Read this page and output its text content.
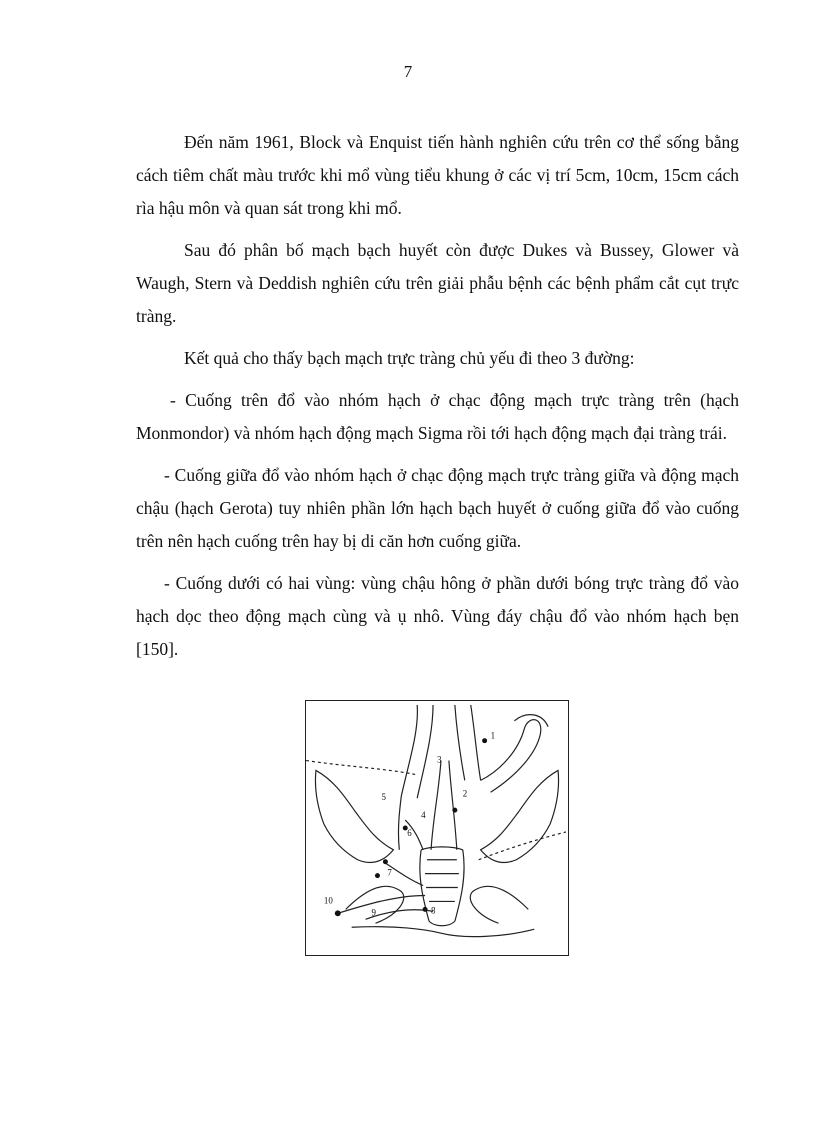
7

Đến năm 1961, Block và Enquist tiến hành nghiên cứu trên cơ thể sống bằng cách tiêm chất màu trước khi mổ vùng tiểu khung ở các vị trí 5cm, 10cm, 15cm cách rìa hậu môn và quan sát trong khi mổ.

Sau đó phân bố mạch bạch huyết còn được Dukes và Bussey, Glower và Waugh, Stern và Deddish nghiên cứu trên giải phẫu bệnh các bệnh phẩm cắt cụt trực tràng.

Kết quả cho thấy bạch mạch trực tràng chủ yếu đi theo 3 đường:

- Cuống trên đổ vào nhóm hạch ở chạc động mạch trực tràng trên (hạch Monmondor) và nhóm hạch động mạch Sigma rồi tới hạch động mạch đại tràng trái.

- Cuống giữa đổ vào nhóm hạch ở chạc động mạch trực tràng giữa và động mạch chậu (hạch Gerota) tuy nhiên phần lớn hạch bạch huyết ở cuống giữa đổ vào cuống trên nên hạch cuống trên hay bị di căn hơn cuống giữa.

- Cuống dưới có hai vùng: vùng chậu hông ở phần dưới bóng trực tràng đổ vào hạch dọc theo động mạch cùng và ụ nhô. Vùng đáy chậu đổ vào nhóm hạch bẹn [150].

1
2
3
4
5
6
7
8
9
10
